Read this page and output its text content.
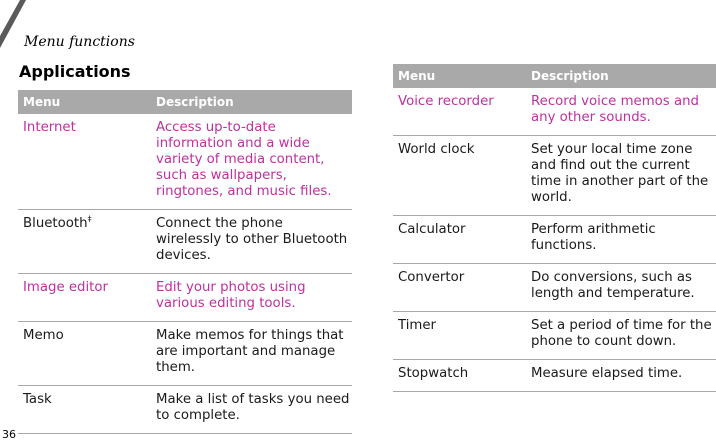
Menu functions
Applications
Menu	Description
Internet	Access up-to-date information and a wide variety of media content, such as wallpapers, ringtones, and music files.
Bluetooth‡	Connect the phone wirelessly to other Bluetooth devices.
Image editor	Edit your photos using various editing tools.
Memo	Make memos for things that are important and manage them.
Task	Make a list of tasks you need to complete.
Menu	Description
Voice recorder	Record voice memos and any other sounds.
World clock	Set your local time zone and find out the current time in another part of the world.
Calculator	Perform arithmetic functions.
Convertor	Do conversions, such as length and temperature.
Timer	Set a period of time for the phone to count down.
Stopwatch	Measure elapsed time.
36
